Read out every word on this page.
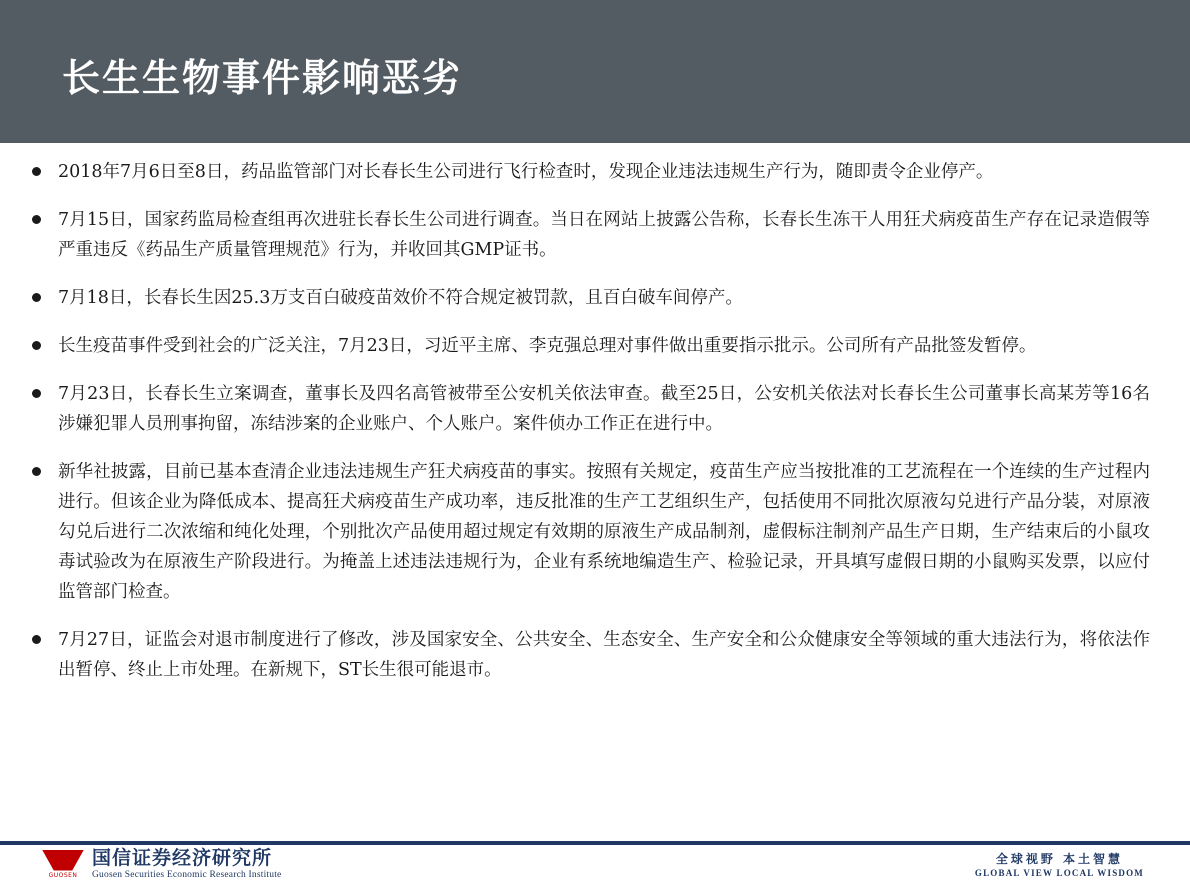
长生生物事件影响恶劣
2018年7月6日至8日，药品监管部门对长春长生公司进行飞行检查时，发现企业违法违规生产行为，随即责令企业停产。
7月15日，国家药监局检查组再次进驻长春长生公司进行调查。当日在网站上披露公告称，长春长生冻干人用狂犬病疫苗生产存在记录造假等严重违反《药品生产质量管理规范》行为，并收回其GMP证书。
7月18日，长春长生因25.3万支百白破疫苗效价不符合规定被罚款，且百白破车间停产。
长生疫苗事件受到社会的广泛关注，7月23日，习近平主席、李克强总理对事件做出重要指示批示。公司所有产品批签发暂停。
7月23日，长春长生立案调查，董事长及四名高管被带至公安机关依法审查。截至25日，公安机关依法对长春长生公司董事长高某芳等16名涉嫌犯罪人员刑事拘留，冻结涉案的企业账户、个人账户。案件侦办工作正在进行中。
新华社披露，目前已基本查清企业违法违规生产狂犬病疫苗的事实。按照有关规定，疫苗生产应当按批准的工艺流程在一个连续的生产过程内进行。但该企业为降低成本、提高狂犬病疫苗生产成功率，违反批准的生产工艺组织生产，包括使用不同批次原液勾兑进行产品分装，对原液勾兑后进行二次浓缩和纯化处理，个别批次产品使用超过规定有效期的原液生产成品制剂，虚假标注制剂产品生产日期，生产结束后的小鼠攻毒试验改为在原液生产阶段进行。为掩盖上述违法违规行为，企业有系统地编造生产、检验记录，开具填写虚假日期的小鼠购买发票，以应付监管部门检查。
7月27日，证监会对退市制度进行了修改，涉及国家安全、公共安全、生态安全、生产安全和公众健康安全等领域的重大违法行为，将依法作出暂停、终止上市处理。在新规下，ST长生很可能退市。
GUOSEN
国信证券经济研究所
Guosen Securities Economic Research Institute
全球视野 本土智慧
GLOBAL VIEW LOCAL WISDOM
